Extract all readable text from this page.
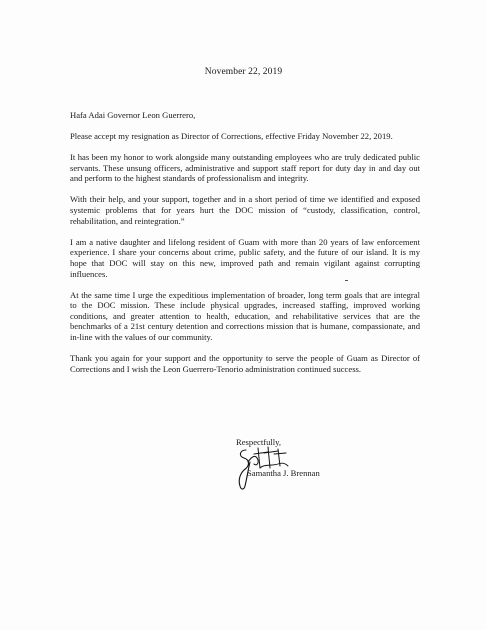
November 22, 2019

Hafa Adai Governor Leon Guerrero,

Please accept my resignation as Director of Corrections, effective Friday November 22, 2019.

It has been my honor to work alongside many outstanding employees who are truly dedicated public servants. These unsung officers, administrative and support staff report for duty day in and day out and perform to the highest standards of professionalism and integrity.

With their help, and your support, together and in a short period of time we identified and exposed systemic problems that for years hurt the DOC mission of “custody, classification, control, rehabilitation, and reintegration.”

I am a native daughter and lifelong resident of Guam with more than 20 years of law enforcement experience. I share your concerns about crime, public safety, and the future of our island. It is my hope that DOC will stay on this new, improved path and remain vigilant against corrupting influences.

At the same time I urge the expeditious implementation of broader, long term goals that are integral to the DOC mission. These include physical upgrades, increased staffing, improved working conditions, and greater attention to health, education, and rehabilitative services that are the benchmarks of a 21st century detention and corrections mission that is humane, compassionate, and in-line with the values of our community.

Thank you again for your support and the opportunity to serve the people of Guam as Director of Corrections and I wish the Leon Guerrero-Tenorio administration continued success.

Respectfully,
Samantha J. Brennan
